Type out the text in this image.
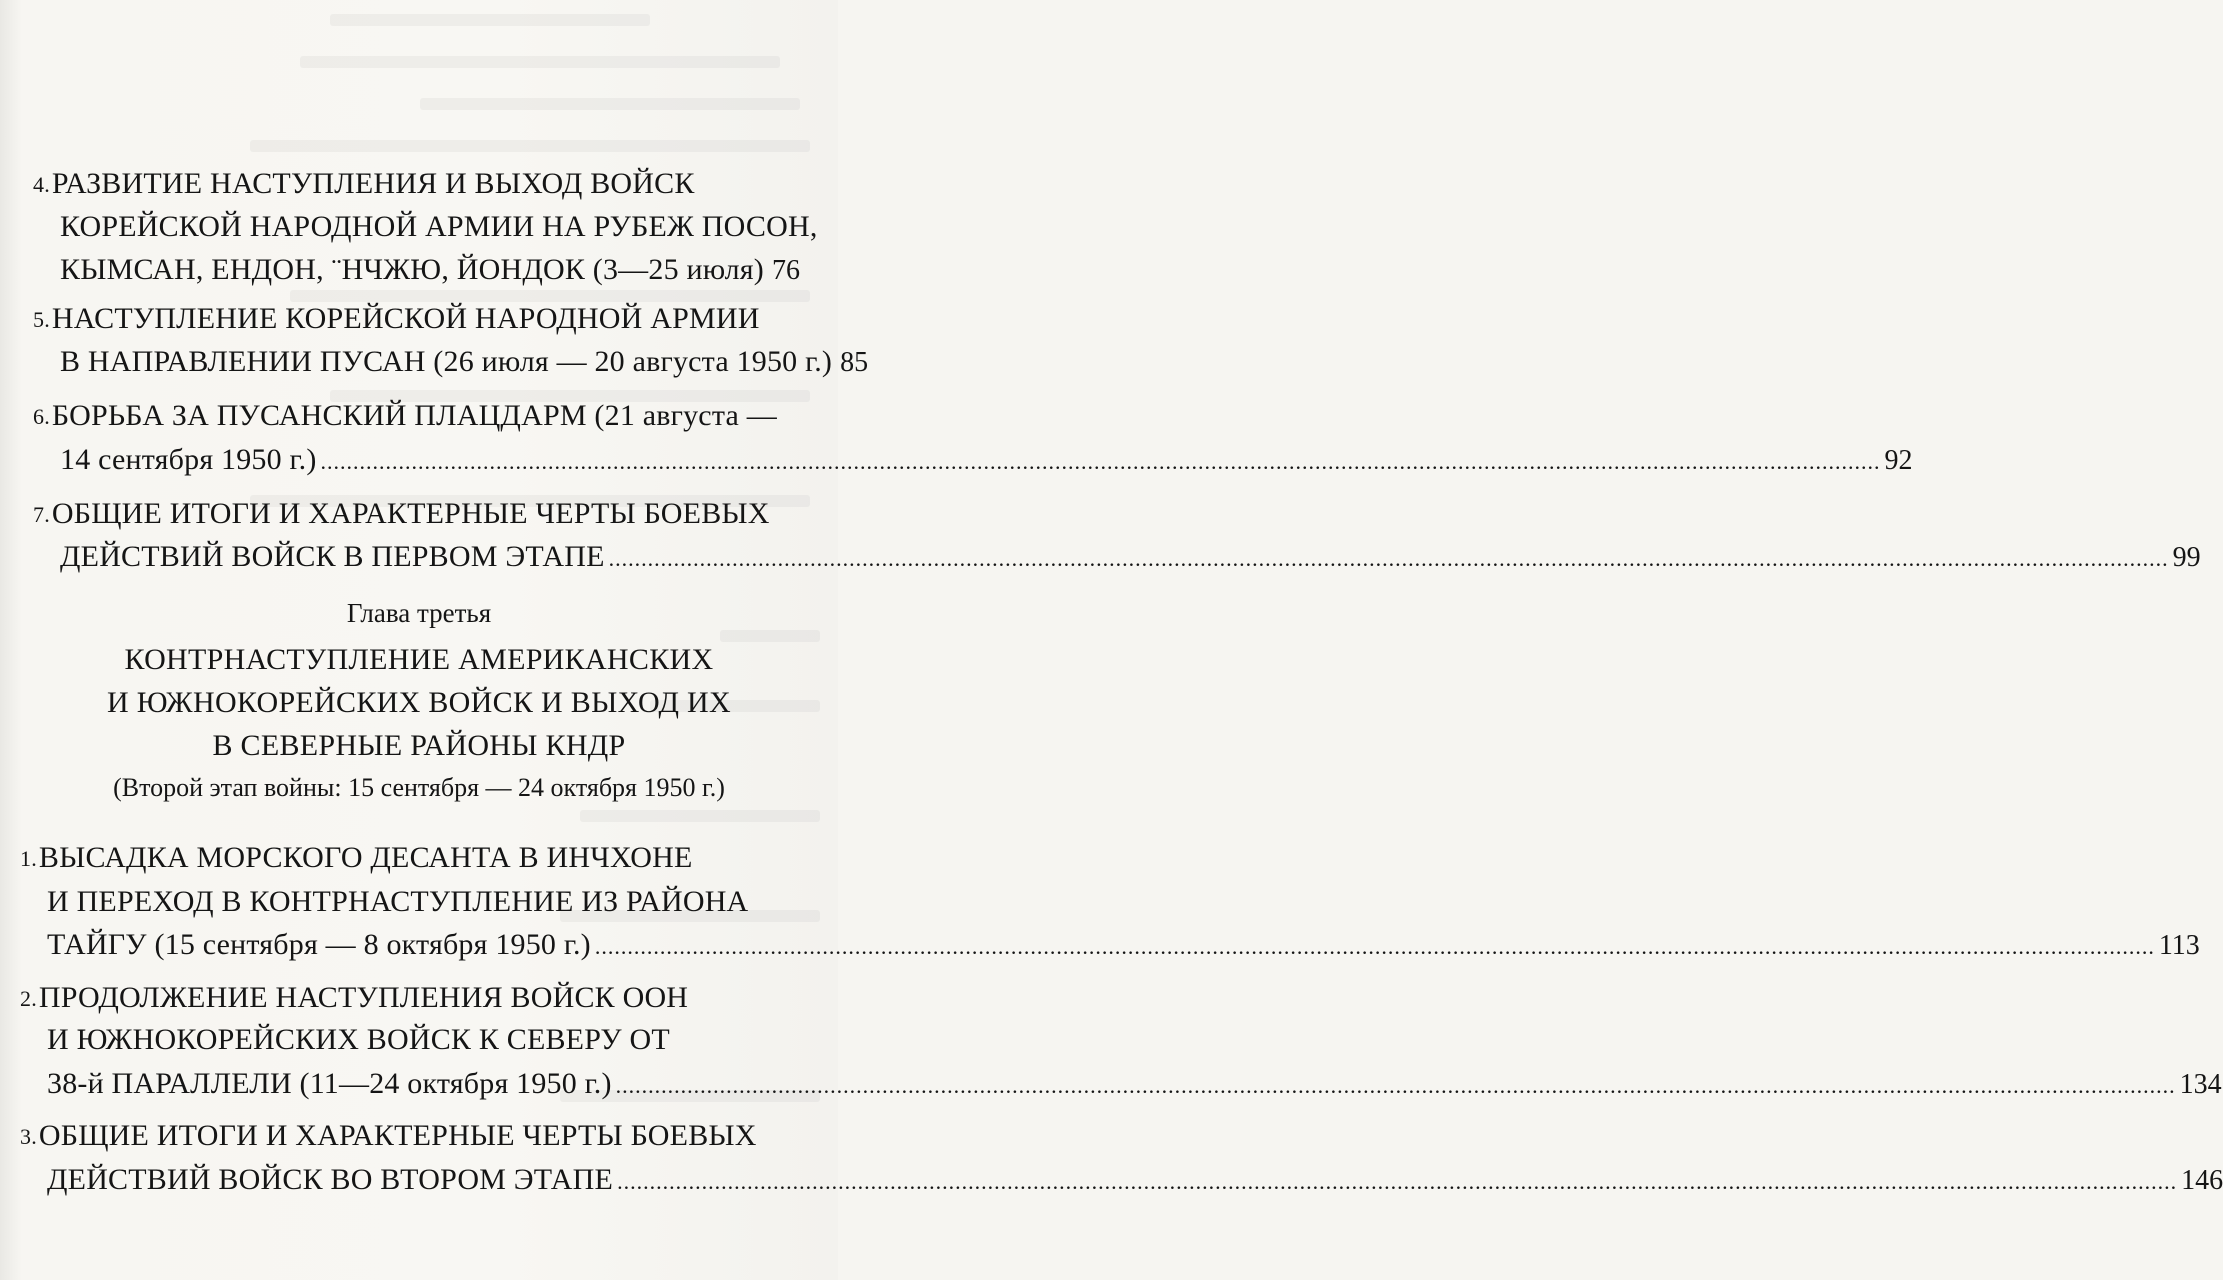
4.РАЗВИТИЕ НАСТУПЛЕНИЯ И ВЫХОД ВОЙСК
КОРЕЙСКОЙ НАРОДНОЙ АРМИИ НА РУБЕЖ ПОСОН,
КЫМСАН, ЕНДОН, ¨НЧЖЮ, ЙОНДОК (3—25 июля) 76
5.НАСТУПЛЕНИЕ КОРЕЙСКОЙ НАРОДНОЙ АРМИИ
В НАПРАВЛЕНИИ ПУСАН (26 июля — 20 августа 1950 г.) 85
6.БОРЬБА ЗА ПУСАНСКИЙ ПЛАЦДАРМ (21 августа —
14 сентября 1950 г.) .....	92
7.ОБЩИЕ ИТОГИ И ХАРАКТЕРНЫЕ ЧЕРТЫ БОЕВЫХ
ДЕЙСТВИЙ ВОЙСК В ПЕРВОМ ЭТАПЕ .....	99
Глава третья
КОНТРНАСТУПЛЕНИЕ АМЕРИКАНСКИХ
И ЮЖНОКОРЕЙСКИХ ВОЙСК И ВЫХОД ИХ
В СЕВЕРНЫЕ РАЙОНЫ КНДР
(Второй этап войны: 15 сентября — 24 октября 1950 г.)
1.ВЫСАДКА МОРСКОГО ДЕСАНТА В ИНЧХОНЕ
И ПЕРЕХОД В КОНТРНАСТУПЛЕНИЕ ИЗ РАЙОНА
ТАЙГУ (15 сентября — 8 октября 1950 г.) .....	113
2.ПРОДОЛЖЕНИЕ НАСТУПЛЕНИЯ ВОЙСК ООН
И ЮЖНОКОРЕЙСКИХ ВОЙСК К СЕВЕРУ ОТ
38-й ПАРАЛЛЕЛИ (11—24 октября 1950 г.) .....	134
3.ОБЩИЕ ИТОГИ И ХАРАКТЕРНЫЕ ЧЕРТЫ БОЕВЫХ
ДЕЙСТВИЙ ВОЙСК ВО ВТОРОМ ЭТАПЕ .....	146
